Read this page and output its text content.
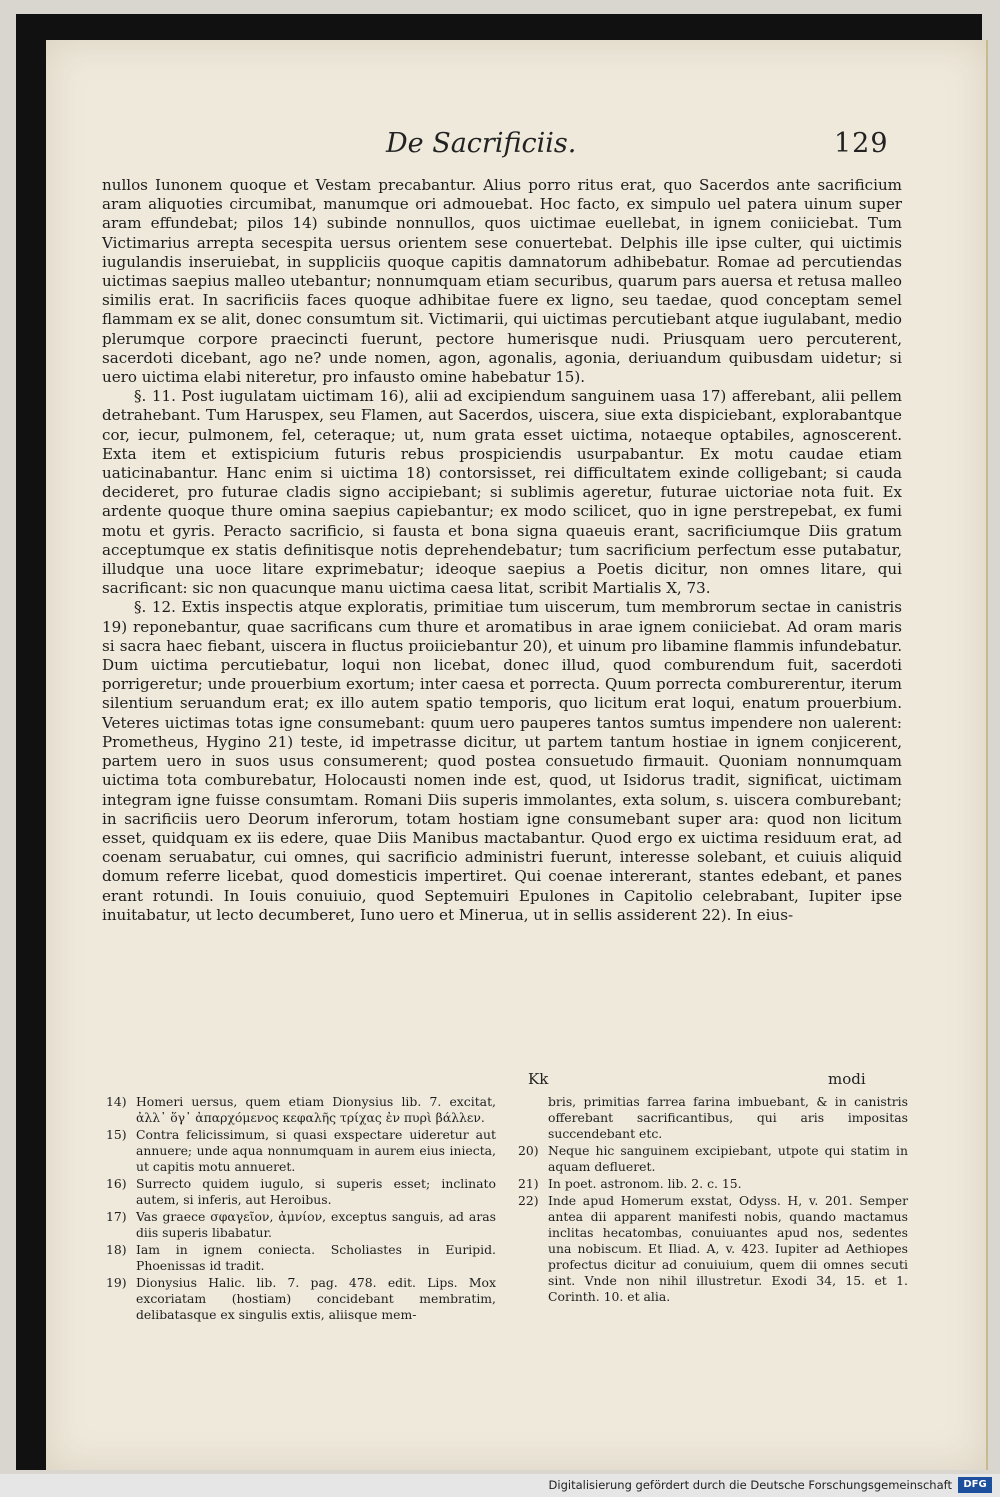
De Sacrificiis.	129

nullos Iunonem quoque et Vestam precabantur. Alius porro ritus erat, quo Sacerdos ante sacrificium aram aliquoties circumibat, manumque ori admouebat. Hoc facto, ex simpulo uel patera uinum super aram effundebat; pilos 14) subinde nonnullos, quos uictimae euellebat, in ignem coniiciebat. Tum Victimarius arrepta secespita uersus orientem sese conuertebat. Delphis ille ipse culter, qui uictimis iugulandis inseruiebat, in suppliciis quoque capitis damnatorum adhibebatur. Romae ad percutiendas uictimas saepius malleo utebantur; nonnumquam etiam securibus, quarum pars auersa et retusa malleo similis erat. In sacrificiis faces quoque adhibitae fuere ex ligno, seu taedae, quod conceptam semel flammam ex se alit, donec consumtum sit. Victimarii, qui uictimas percutiebant atque iugulabant, medio plerumque corpore praecincti fuerunt, pectore humerisque nudi. Priusquam uero percuterent, sacerdoti dicebant, ago ne? unde nomen, agon, agonalis, agonia, deriuandum quibusdam uidetur; si uero uictima elabi niteretur, pro infausto omine habebatur 15).

§. 11. Post iugulatam uictimam 16), alii ad excipiendum sanguinem uasa 17) afferebant, alii pellem detrahebant. Tum Haruspex, seu Flamen, aut Sacerdos, uiscera, siue exta dispiciebant, explorabantque cor, iecur, pulmonem, fel, ceteraque; ut, num grata esset uictima, notaeque optabiles, agnoscerent. Exta item et extispicium futuris rebus prospiciendis usurpabantur. Ex motu caudae etiam uaticinabantur. Hanc enim si uictima 18) contorsisset, rei difficultatem exinde colligebant; si cauda decideret, pro futurae cladis signo accipiebant; si sublimis ageretur, futurae uictoriae nota fuit. Ex ardente quoque thure omina saepius capiebantur; ex modo scilicet, quo in igne perstrepebat, ex fumi motu et gyris. Peracto sacrificio, si fausta et bona signa quaeuis erant, sacrificiumque Diis gratum acceptumque ex statis definitisque notis deprehendebatur; tum sacrificium perfectum esse putabatur, illudque una uoce litare exprimebatur; ideoque saepius a Poetis dicitur, non omnes litare, qui sacrificant: sic non quacunque manu uictima caesa litat, scribit Martialis X, 73.

§. 12. Extis inspectis atque exploratis, primitiae tum uiscerum, tum membrorum sectae in canistris 19) reponebantur, quae sacrificans cum thure et aromatibus in arae ignem coniiciebat. Ad oram maris si sacra haec fiebant, uiscera in fluctus proiiciebantur 20), et uinum pro libamine flammis infundebatur. Dum uictima percutiebatur, loqui non licebat, donec illud, quod comburendum fuit, sacerdoti porrigeretur; unde prouerbium exortum; inter caesa et porrecta. Quum porrecta comburerentur, iterum silentium seruandum erat; ex illo autem spatio temporis, quo licitum erat loqui, enatum prouerbium. Veteres uictimas totas igne consumebant: quum uero pauperes tantos sumtus impendere non ualerent: Prometheus, Hygino 21) teste, id impetrasse dicitur, ut partem tantum hostiae in ignem conjicerent, partem uero in suos usus consumerent; quod postea consuetudo firmauit. Quoniam nonnumquam uictima tota comburebatur, Holocausti nomen inde est, quod, ut Isidorus tradit, significat, uictimam integram igne fuisse consumtam. Romani Diis superis immolantes, exta solum, s. uiscera comburebant; in sacrificiis uero Deorum inferorum, totam hostiam igne consumebant super ara: quod non licitum esset, quidquam ex iis edere, quae Diis Manibus mactabantur. Quod ergo ex uictima residuum erat, ad coenam seruabatur, cui omnes, qui sacrificio administri fuerunt, interesse solebant, et cuiuis aliquid domum referre licebat, quod domesticis impertiret. Qui coenae intererant, stantes edebant, et panes erant rotundi. In Iouis conuiuio, quod Septemuiri Epulones in Capitolio celebrabant, Iupiter ipse inuitabatur, ut lecto decumberet, Iuno uero et Minerua, ut in sellis assiderent 22). In eius-

Kk	modi
14) Homeri uersus, quem etiam Dionysius lib. 7. excitat, ἀλλ᾽ ὅγ᾽ ἀπαρχόμενος κεφαλῆς τρίχας ἐν πυρὶ βάλλεν.
15) Contra felicissimum, si quasi exspectare uideretur aut annuere; unde aqua nonnumquam in aurem eius iniecta, ut capitis motu annueret.
16) Surrecto quidem iugulo, si superis esset; inclinato autem, si inferis, aut Heroibus.
17) Vas graece σφαγεῖον, ἀμνίον, exceptus sanguis, ad aras diis superis libabatur.
18) Iam in ignem coniecta. Scholiastes in Euripid. Phoenissas id tradit.
19) Dionysius Halic. lib. 7. pag. 478. edit. Lips. Mox excoriatam (hostiam) concidebant membratim, delibatasque ex singulis extis, aliisque mem-
bris, primitias farrea farina imbuebant, & in canistris offerebant sacrificantibus, qui aris impositas succendebant etc.
20) Neque hic sanguinem excipiebant, utpote qui statim in aquam deflueret.
21) In poet. astronom. lib. 2. c. 15.
22) Inde apud Homerum exstat, Odyss. H, v. 201. Semper antea dii apparent manifesti nobis, quando mactamus inclitas hecatombas, conuiuantes apud nos, sedentes una nobiscum. Et Iliad. A, v. 423. Iupiter ad Aethiopes profectus dicitur ad conuiuium, quem dii omnes secuti sint. Vnde non nihil illustretur. Exodi 34, 15. et 1. Corinth. 10. et alia.
Digitalisierung gefördert durch die Deutsche Forschungsgemeinschaft	DFG
